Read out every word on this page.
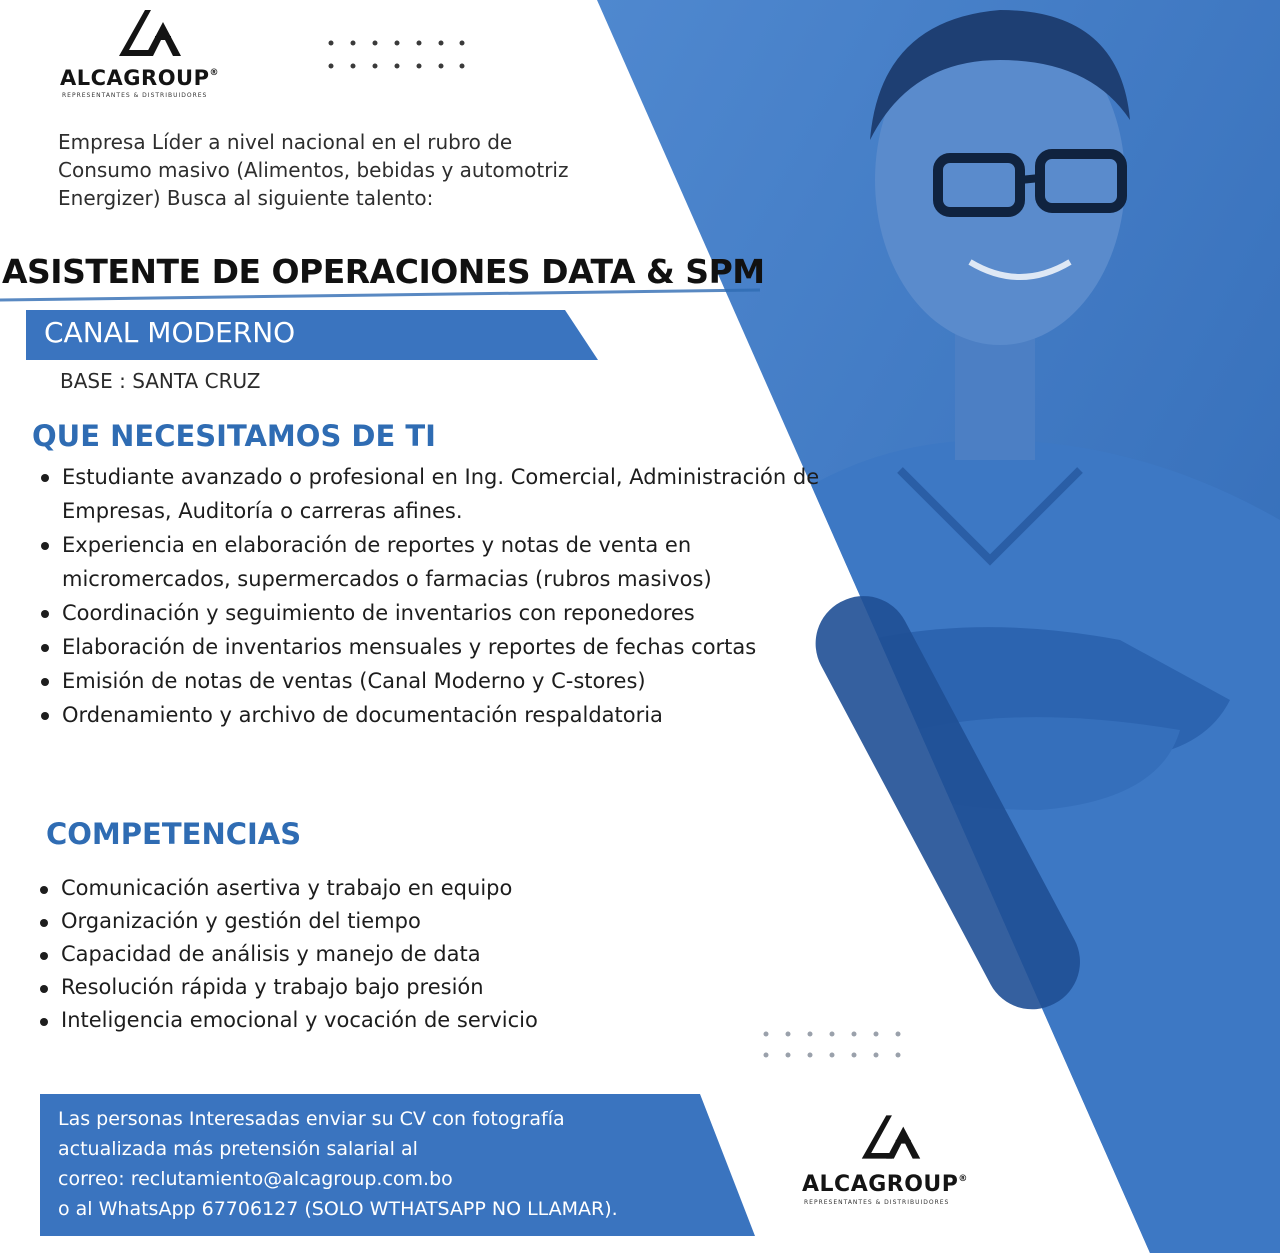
ALCAGROUP®
REPRESENTANTES & DISTRIBUIDORES
Empresa Líder a nivel nacional en el rubro de
Consumo masivo (Alimentos, bebidas y automotriz
Energizer) Busca al siguiente talento:
ASISTENTE DE OPERACIONES DATA & SPM
CANAL MODERNO
BASE : SANTA CRUZ
QUE NECESITAMOS DE TI
Estudiante avanzado o profesional en Ing. Comercial, Administración de Empresas, Auditoría o carreras afines.
Experiencia en elaboración de reportes y notas de venta en micromercados, supermercados o farmacias (rubros masivos)
Coordinación y seguimiento de inventarios con reponedores
Elaboración de inventarios mensuales y reportes de fechas cortas
Emisión de notas de ventas (Canal Moderno y C-stores)
Ordenamiento y archivo de documentación respaldatoria
COMPETENCIAS
Comunicación asertiva y trabajo en equipo
Organización y gestión del tiempo
Capacidad de análisis y manejo de data
Resolución rápida y trabajo bajo presión
Inteligencia emocional y vocación de servicio
Las personas Interesadas enviar su CV con fotografía
actualizada más pretensión salarial al
correo: reclutamiento@alcagroup.com.bo
o al WhatsApp 67706127 (SOLO WTHATSAPP NO LLAMAR).
ALCAGROUP®
REPRESENTANTES & DISTRIBUIDORES
